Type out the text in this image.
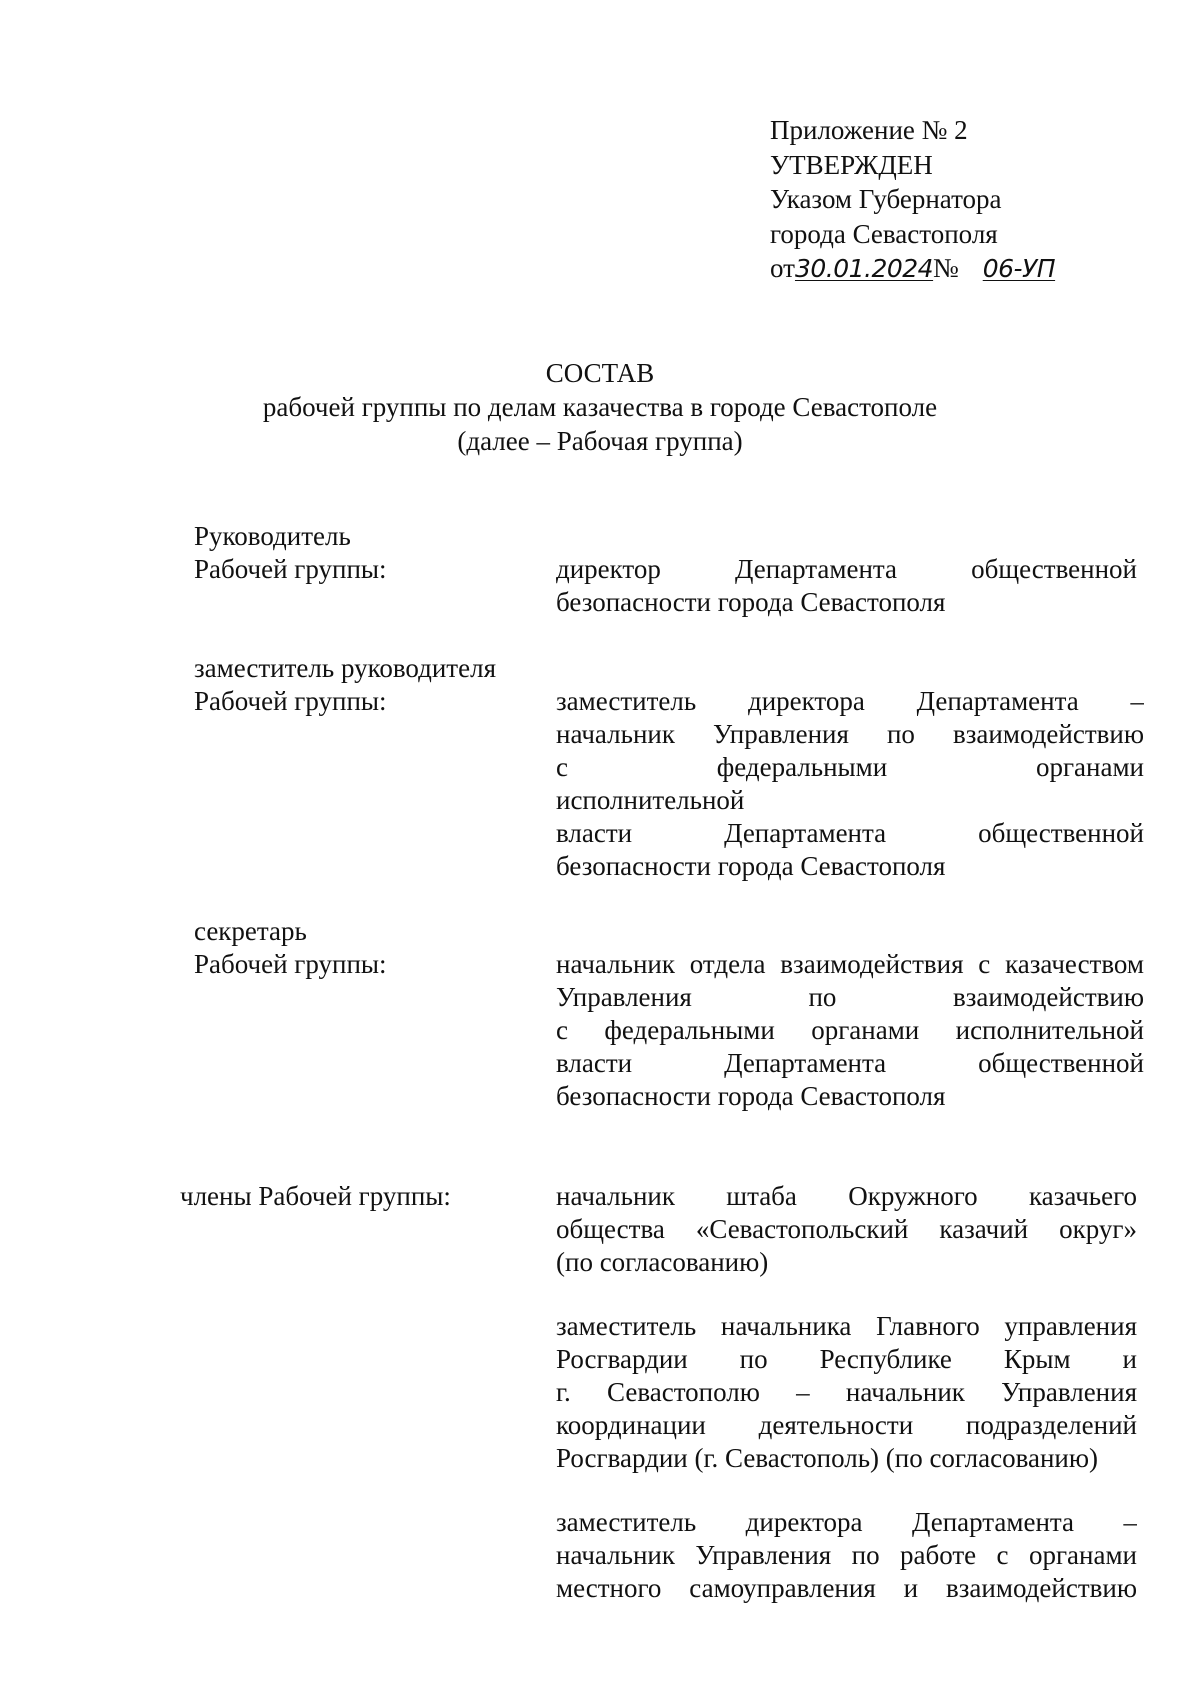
Приложение № 2
УТВЕРЖДЕН
Указом Губернатора
города Севастополя
от30.01.2024№ 06-УП
СОСТАВ
рабочей группы по делам казачества в городе Севастополе
(далее – Рабочая группа)
Руководитель
Рабочей группы:	директор Департамента общественной
безопасности города Севастополя
заместитель руководителя
Рабочей группы:	заместитель директора Департамента –
начальник Управления по взаимодействию
с федеральными органами
исполнительной
власти Департамента общественной
безопасности города Севастополя
секретарь
Рабочей группы:	начальник отдела взаимодействия с казачеством
Управления по взаимодействию
с федеральными органами исполнительной
власти Департамента общественной
безопасности города Севастополя
члены Рабочей группы:	начальник штаба Окружного казачьего
общества «Севастопольский казачий округ»
(по согласованию)
заместитель начальника Главного управления
Росгвардии по Республике Крым и
г. Севастополю – начальник Управления
координации деятельности подразделений
Росгвардии (г. Севастополь) (по согласованию)
заместитель директора Департамента –
начальник Управления по работе с органами
местного самоуправления и взаимодействию
